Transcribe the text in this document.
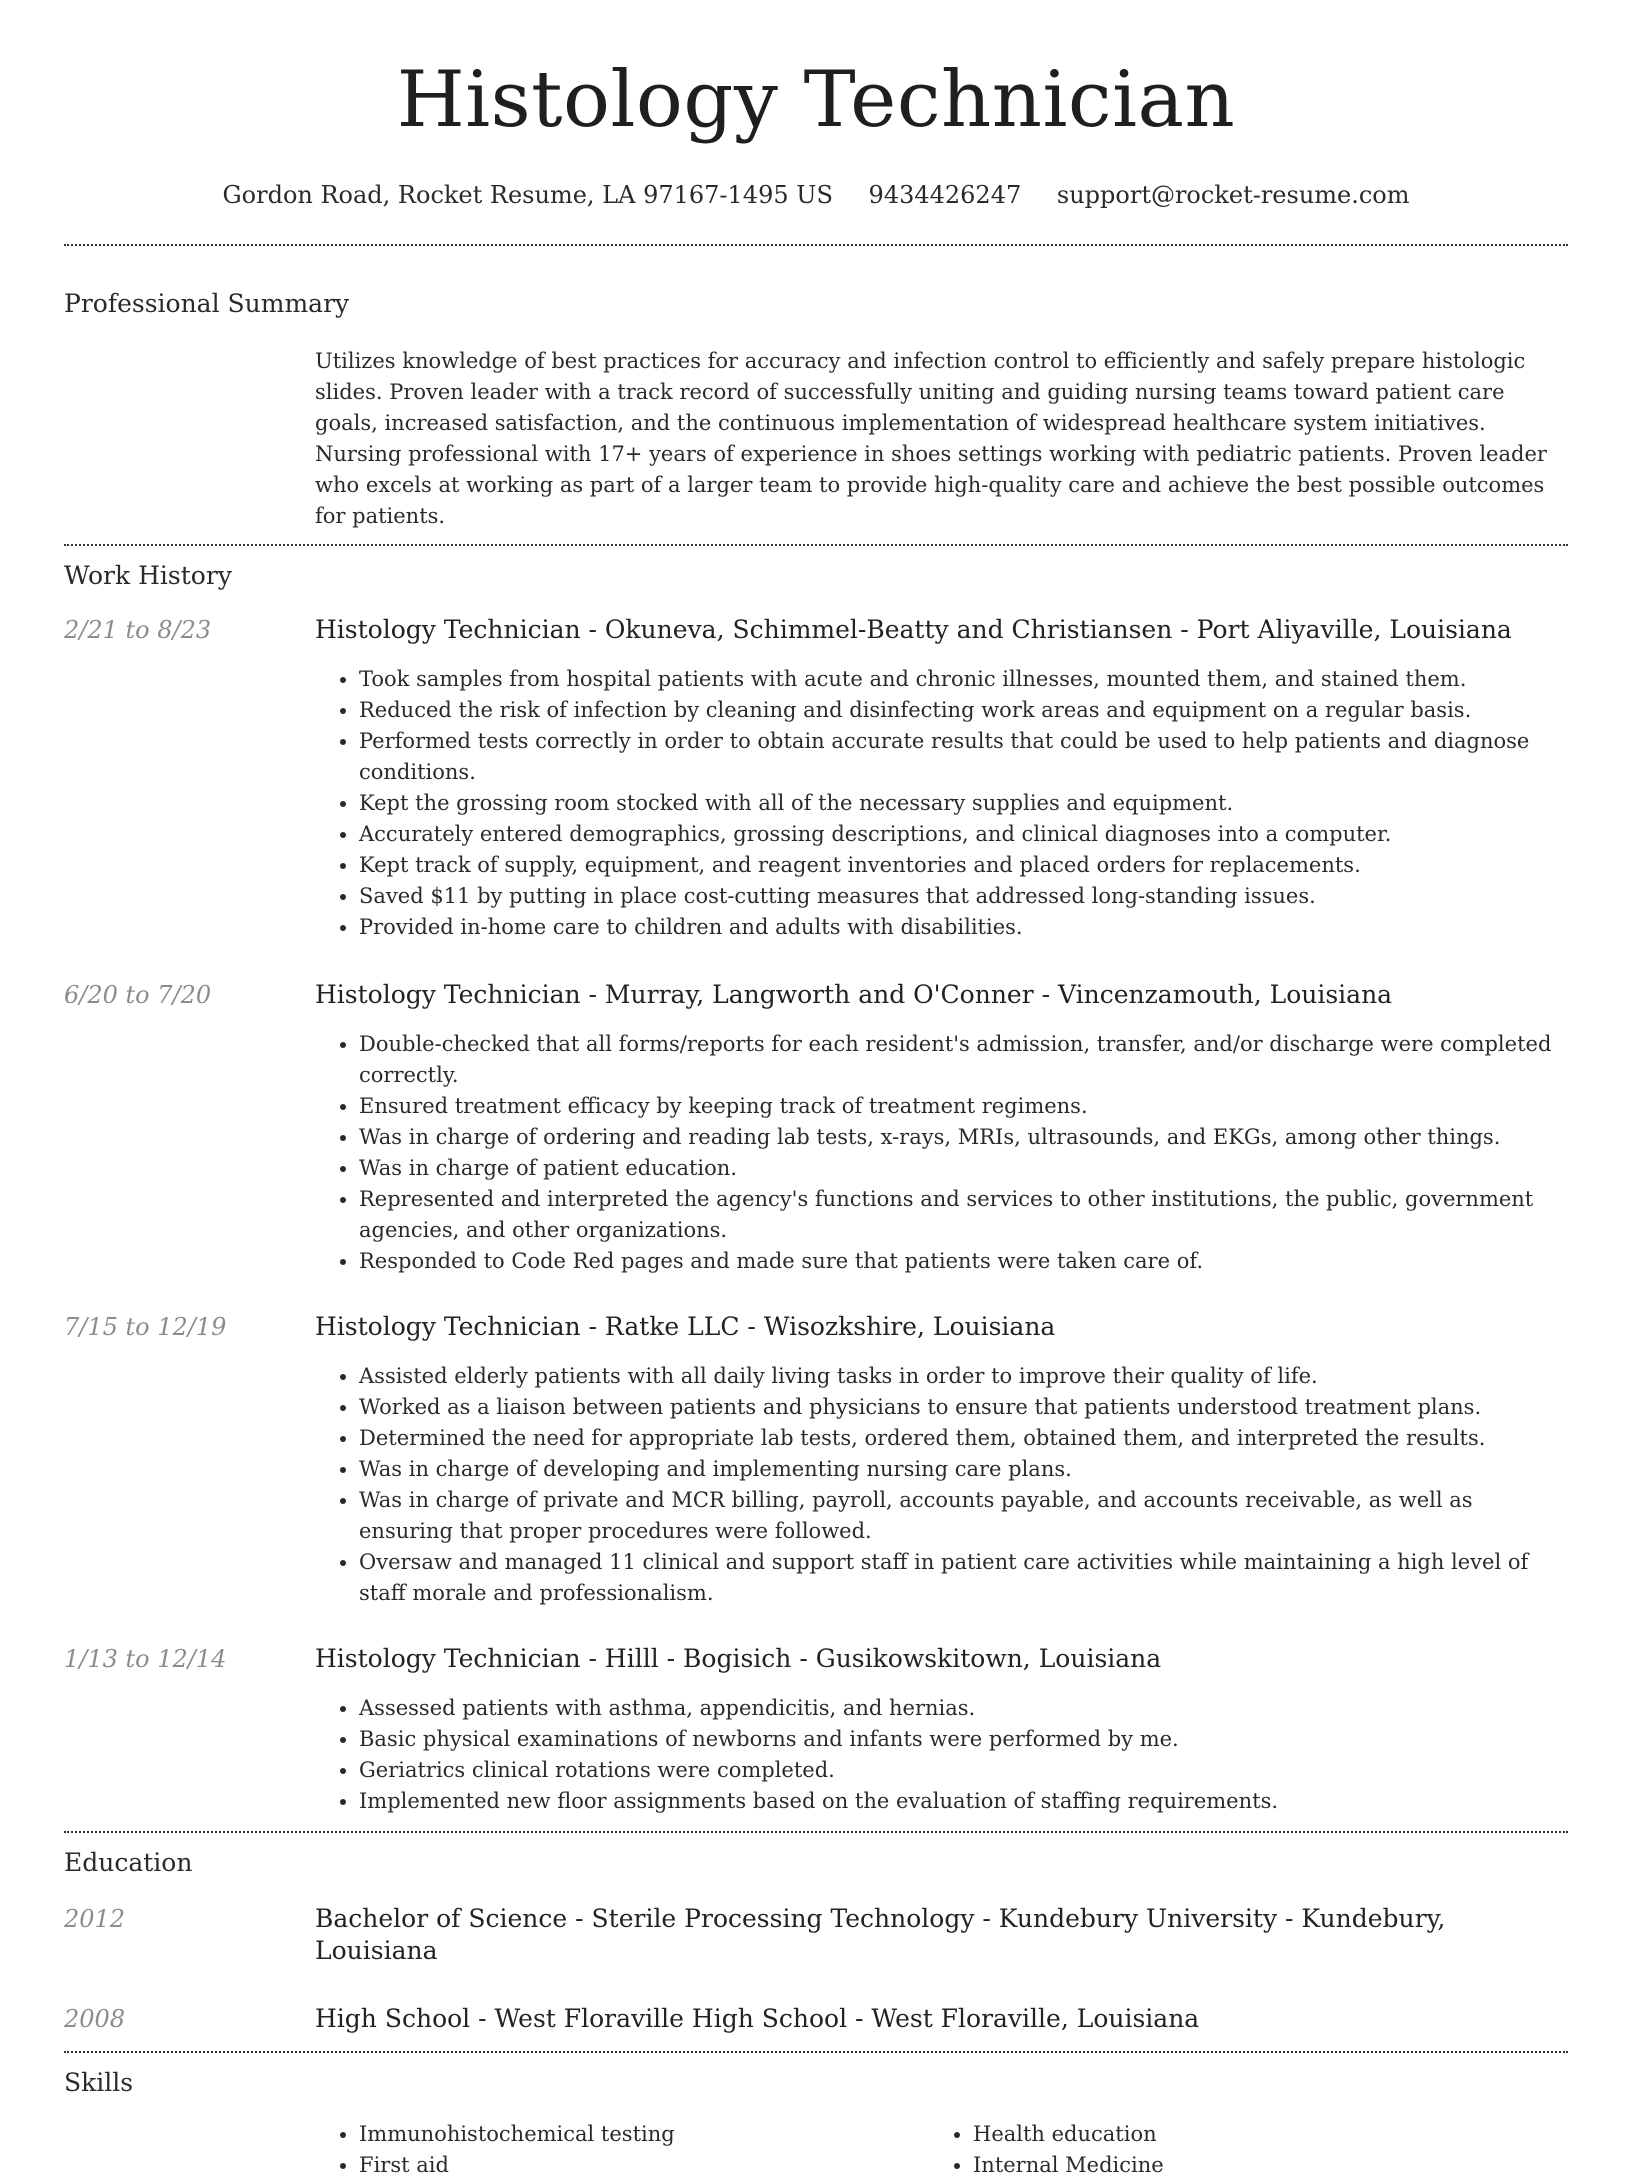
Histology Technician
Gordon Road, Rocket Resume, LA 97167-1495 US 9434426247 support@rocket-resume.com
Professional Summary
Utilizes knowledge of best practices for accuracy and infection control to efficiently and safely prepare histologic slides. Proven leader with a track record of successfully uniting and guiding nursing teams toward patient care goals, increased satisfaction, and the continuous implementation of widespread healthcare system initiatives. Nursing professional with 17+ years of experience in shoes settings working with pediatric patients. Proven leader who excels at working as part of a larger team to provide high-quality care and achieve the best possible outcomes for patients.
Work History
2/21 to 8/23	Histology Technician - Okuneva, Schimmel-Beatty and Christiansen - Port Aliyaville, Louisiana
• Took samples from hospital patients with acute and chronic illnesses, mounted them, and stained them.
• Reduced the risk of infection by cleaning and disinfecting work areas and equipment on a regular basis.
• Performed tests correctly in order to obtain accurate results that could be used to help patients and diagnose conditions.
• Kept the grossing room stocked with all of the necessary supplies and equipment.
• Accurately entered demographics, grossing descriptions, and clinical diagnoses into a computer.
• Kept track of supply, equipment, and reagent inventories and placed orders for replacements.
• Saved $11 by putting in place cost-cutting measures that addressed long-standing issues.
• Provided in-home care to children and adults with disabilities.
6/20 to 7/20	Histology Technician - Murray, Langworth and O'Conner - Vincenzamouth, Louisiana
• Double-checked that all forms/reports for each resident's admission, transfer, and/or discharge were completed correctly.
• Ensured treatment efficacy by keeping track of treatment regimens.
• Was in charge of ordering and reading lab tests, x-rays, MRIs, ultrasounds, and EKGs, among other things.
• Was in charge of patient education.
• Represented and interpreted the agency's functions and services to other institutions, the public, government agencies, and other organizations.
• Responded to Code Red pages and made sure that patients were taken care of.
7/15 to 12/19	Histology Technician - Ratke LLC - Wisozkshire, Louisiana
• Assisted elderly patients with all daily living tasks in order to improve their quality of life.
• Worked as a liaison between patients and physicians to ensure that patients understood treatment plans.
• Determined the need for appropriate lab tests, ordered them, obtained them, and interpreted the results.
• Was in charge of developing and implementing nursing care plans.
• Was in charge of private and MCR billing, payroll, accounts payable, and accounts receivable, as well as ensuring that proper procedures were followed.
• Oversaw and managed 11 clinical and support staff in patient care activities while maintaining a high level of staff morale and professionalism.
1/13 to 12/14	Histology Technician - Hilll - Bogisich - Gusikowskitown, Louisiana
• Assessed patients with asthma, appendicitis, and hernias.
• Basic physical examinations of newborns and infants were performed by me.
• Geriatrics clinical rotations were completed.
• Implemented new floor assignments based on the evaluation of staffing requirements.
Education
2012	Bachelor of Science - Sterile Processing Technology - Kundebury University - Kundebury, Louisiana
2008	High School - West Floraville High School - West Floraville, Louisiana
Skills
• Immunohistochemical testing
• First aid
• Health education
• Internal Medicine
